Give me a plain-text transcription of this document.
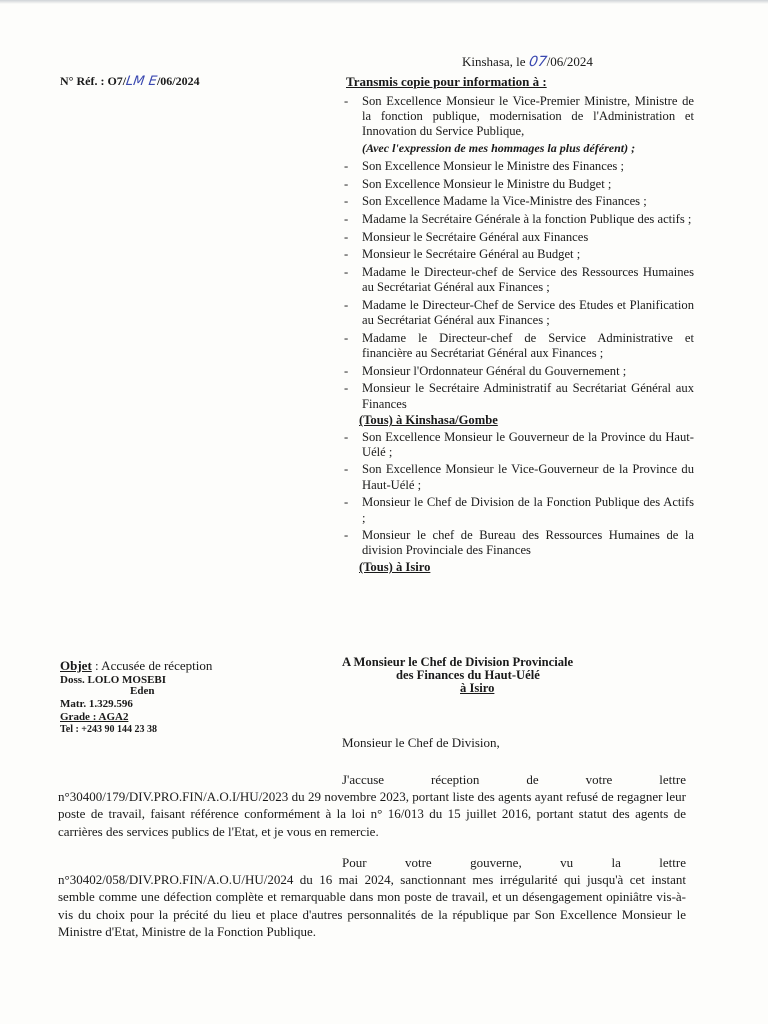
Kinshasa, le 07/06/2024
N° Réf. : O7/LM E/06/2024	Transmis copie pour information à :
- Son Excellence Monsieur le Vice-Premier Ministre, Ministre de la fonction publique, modernisation de l'Administration et Innovation du Service Publique,
(Avec l'expression de mes hommages la plus déférent) ;
- Son Excellence Monsieur le Ministre des Finances ;
- Son Excellence Monsieur le Ministre du Budget ;
- Son Excellence Madame la Vice-Ministre des Finances ;
- Madame la Secrétaire Générale à la fonction Publique des actifs ;
- Monsieur le Secrétaire Général aux Finances
- Monsieur le Secrétaire Général au Budget ;
- Madame le Directeur-chef de Service des Ressources Humaines au Secrétariat Général aux Finances ;
- Madame le Directeur-Chef de Service des Etudes et Planification au Secrétariat Général aux Finances ;
- Madame le Directeur-chef de Service Administrative et financière au Secrétariat Général aux Finances ;
- Monsieur l'Ordonnateur Général du Gouvernement ;
- Monsieur le Secrétaire Administratif au Secrétariat Général aux Finances
(Tous) à Kinshasa/Gombe
- Son Excellence Monsieur le Gouverneur de la Province du Haut-Uélé ;
- Son Excellence Monsieur le Vice-Gouverneur de la Province du Haut-Uélé ;
- Monsieur le Chef de Division de la Fonction Publique des Actifs ;
- Monsieur le chef de Bureau des Ressources Humaines de la division Provinciale des Finances
(Tous) à Isiro
Objet : Accusée de réception
Doss. LOLO MOSEBI
Eden
Matr. 1.329.596
Grade : AGA2
Tel : +243 90 144 23 38
A Monsieur le Chef de Division Provinciale
des Finances du Haut-Uélé
à Isiro
Monsieur le Chef de Division,
J'accuse réception de votre lettre n°30400/179/DIV.PRO.FIN/A.O.I/HU/2023 du 29 novembre 2023, portant liste des agents ayant refusé de regagner leur poste de travail, faisant référence conformément à la loi n° 16/013 du 15 juillet 2016, portant statut des agents de carrières des services publics de l'Etat, et je vous en remercie.
Pour votre gouverne, vu la lettre n°30402/058/DIV.PRO.FIN/A.O.U/HU/2024 du 16 mai 2024, sanctionnant mes irrégularité qui jusqu'à cet instant semble comme une défection complète et remarquable dans mon poste de travail, et un désengagement opiniâtre vis-à-vis du choix pour la précité du lieu et place d'autres personnalités de la république par Son Excellence Monsieur le Ministre d'Etat, Ministre de la Fonction Publique.
